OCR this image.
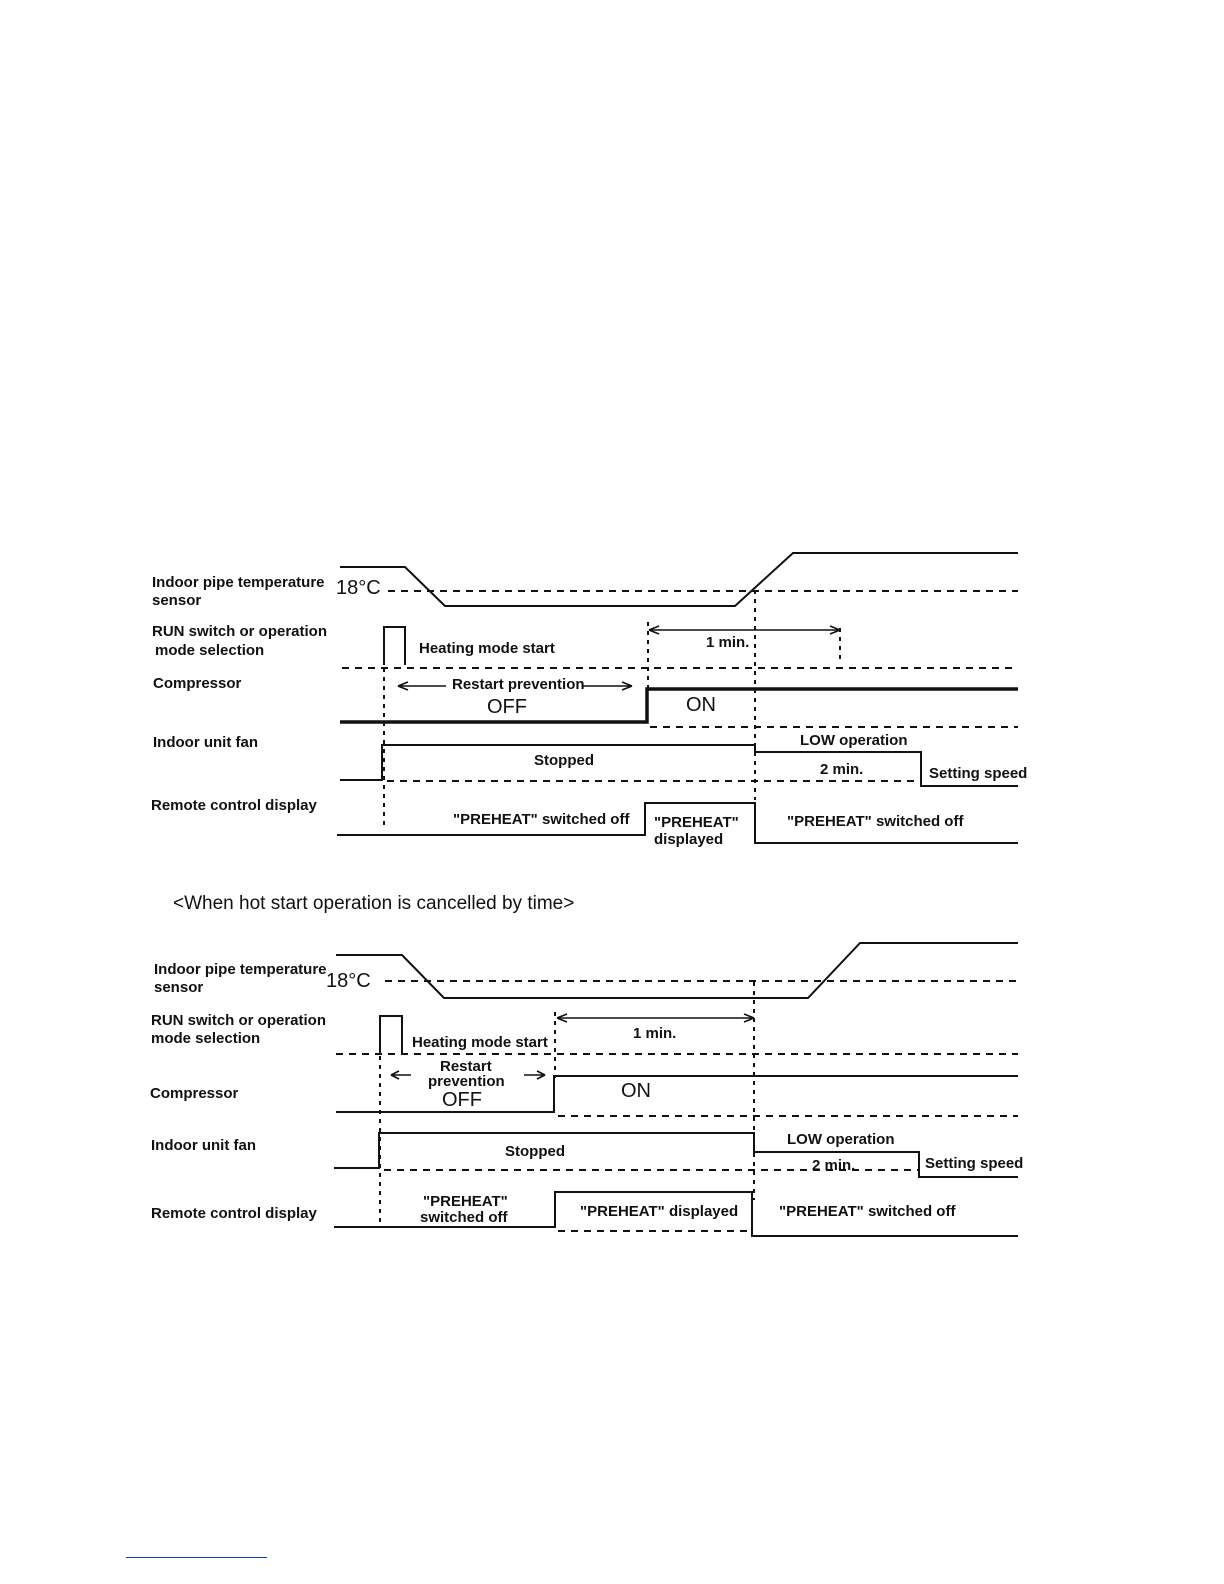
Indoor pipe temperature
sensor
RUN switch or operation
mode selection
Compressor
Indoor unit fan
Remote control display
18°C
Heating mode start	1 min.
Restart prevention
OFF	ON
Stopped
LOW operation
2 min.	Setting speed
"PREHEAT" switched off "PREHEAT"
displayed
"PREHEAT" switched off
<When hot start operation is cancelled by time>
Indoor pipe temperature
sensor
RUN switch or operation
mode selection
Compressor
Indoor unit fan
Remote control display
18°C
Heating mode start
1 min.
Restart
prevention
OFF	ON
Stopped
LOW operation
2 min.	Setting speed
"PREHEAT"
switched off	"PREHEAT" displayed	"PREHEAT" switched off
